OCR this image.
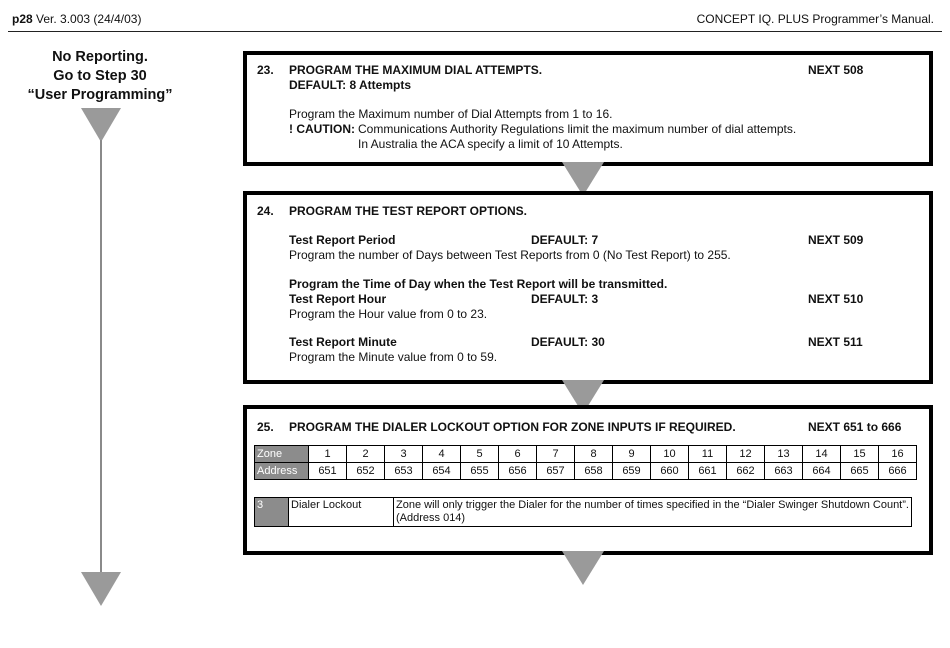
p28 Ver. 3.003 (24/4/03)	CONCEPT IQ. PLUS Programmer’s Manual.
No Reporting.
Go to Step 30
“User Programming”
23. PROGRAM THE MAXIMUM DIAL ATTEMPTS.	NEXT 508
DEFAULT: 8 Attempts
Program the Maximum number of Dial Attempts from 1 to 16.
! CAUTION: Communications Authority Regulations limit the maximum number of dial attempts.
In Australia the ACA specify a limit of 10 Attempts.
24. PROGRAM THE TEST REPORT OPTIONS.
Test Report Period	DEFAULT: 7	NEXT 509
Program the number of Days between Test Reports from 0 (No Test Report) to 255.
Program the Time of Day when the Test Report will be transmitted.
Test Report Hour	DEFAULT: 3	NEXT 510
Program the Hour value from 0 to 23.
Test Report Minute	DEFAULT: 30	NEXT 511
Program the Minute value from 0 to 59.
25. PROGRAM THE DIALER LOCKOUT OPTION FOR ZONE INPUTS IF REQUIRED.	NEXT 651 to 666
Zone	1	2	3	4	5	6	7	8	9	10	11	12	13	14	15	16
Address	651	652	653	654	655	656	657	658	659	660	661	662	663	664	665	666
3	Dialer Lockout	Zone will only trigger the Dialer for the number of times specified in the “Dialer Swinger Shutdown Count”.
(Address 014)
